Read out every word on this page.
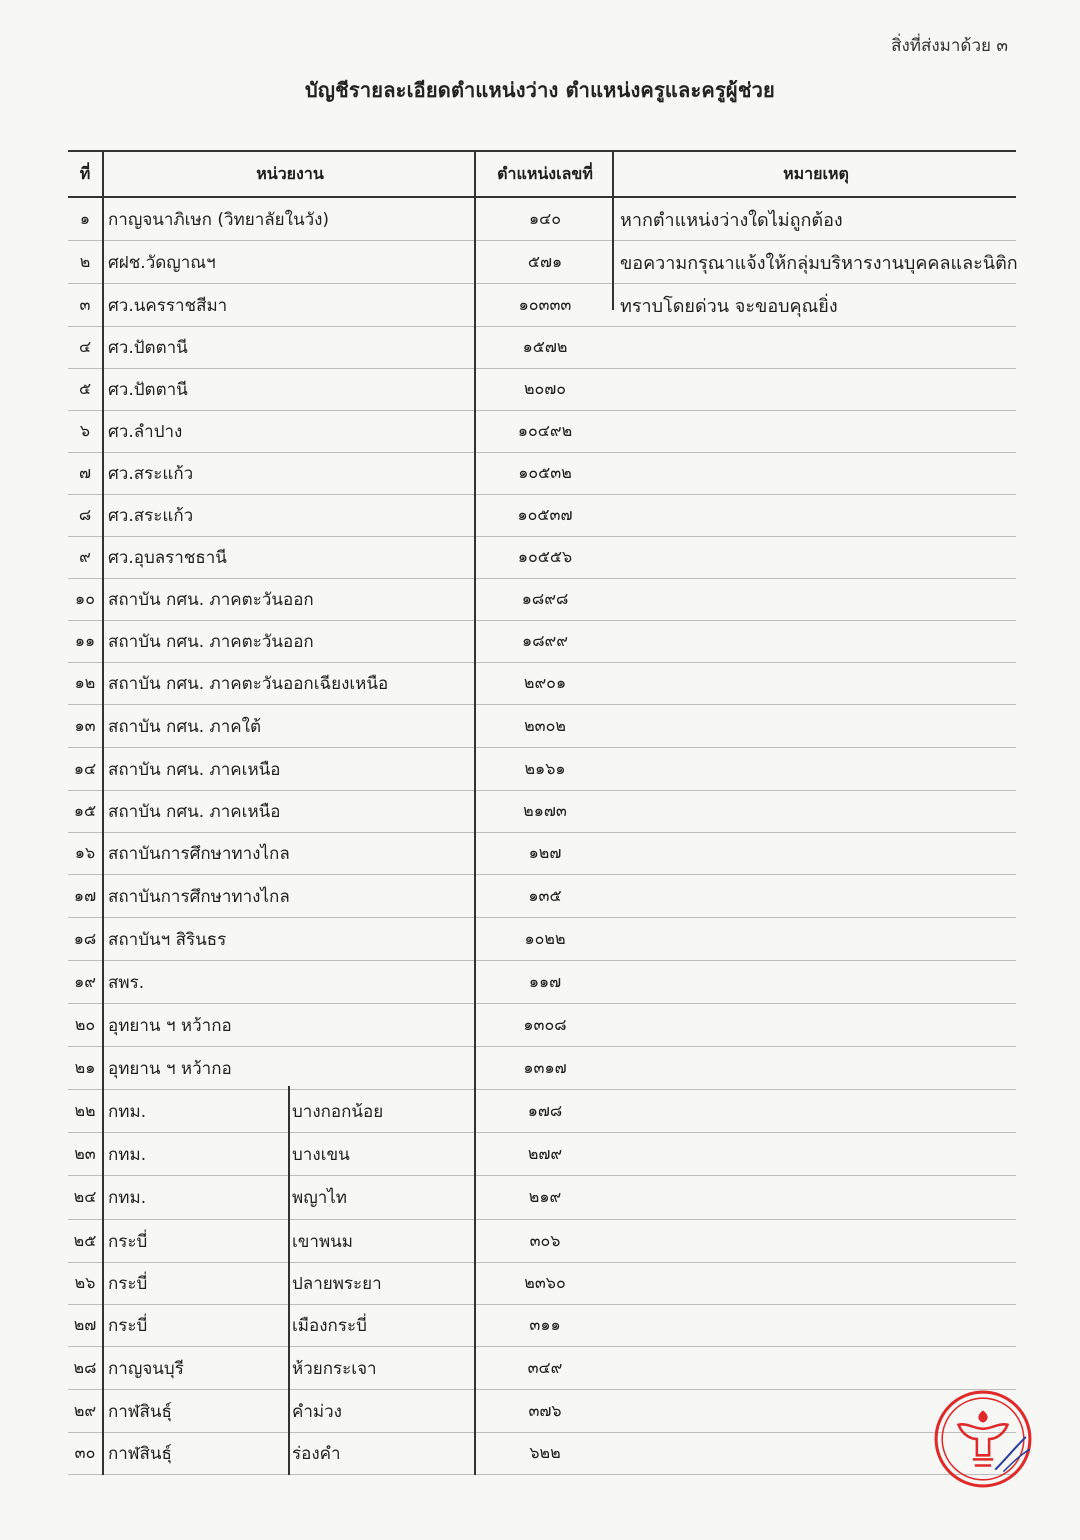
สิ่งที่ส่งมาด้วย ๓
บัญชีรายละเอียดตำแหน่งว่าง ตำแหน่งครูและครูผู้ช่วย
ที่	หน่วยงาน	ตำแหน่งเลขที่	หมายเหตุ
๑	กาญจนาภิเษก (วิทยาลัยในวัง)	๑๔๐	หากตำแหน่งว่างใดไม่ถูกต้อง
๒	ศฝช.วัดญาณฯ	๕๗๑	ขอความกรุณาแจ้งให้กลุ่มบริหารงานบุคคลและนิติก
๓	ศว.นครราชสีมา	๑๐๓๓๓	ทราบโดยด่วน จะขอบคุณยิ่ง
๔ ศว.ปัตตานี	๑๕๗๒
๕ ศว.ปัตตานี	๒๐๗๐
๖	ศว.ลำปาง	๑๐๔๙๒
๗ ศว.สระแก้ว	๑๐๕๓๒
๘ ศว.สระแก้ว	๑๐๕๓๗
๙	ศว.อุบลราชธานี	๑๐๕๕๖
๑๐ สถาบัน กศน. ภาคตะวันออก	๑๘๙๘
๑๑ สถาบัน กศน. ภาคตะวันออก	๑๘๙๙
๑๒ สถาบัน กศน. ภาคตะวันออกเฉียงเหนือ	๒๙๐๑
๑๓ สถาบัน กศน. ภาคใต้	๒๓๐๒
๑๔ สถาบัน กศน. ภาคเหนือ	๒๑๖๑
๑๕ สถาบัน กศน. ภาคเหนือ	๒๑๗๓
๑๖ สถาบันการศึกษาทางไกล	๑๒๗
๑๗ สถาบันการศึกษาทางไกล	๑๓๕
๑๘ สถาบันฯ สิรินธร	๑๐๒๒
๑๙ สพร.	๑๑๗
๒๐ อุทยาน ฯ หว้ากอ	๑๓๐๘
๒๑ อุทยาน ฯ หว้ากอ	๑๓๑๗
๒๒ กทม.	บางกอกน้อย	๑๗๘
๒๓ กทม.	บางเขน	๒๗๙
๒๔ กทม.	พญาไท	๒๑๙
๒๕ กระบี่	เขาพนม	๓๐๖
๒๖ กระบี่	ปลายพระยา	๒๓๖๐
๒๗ กระบี่	เมืองกระบี่	๓๑๑
๒๘ กาญจนบุรี	ห้วยกระเจา	๓๔๙
๒๙ กาฬสินธุ์	คำม่วง	๓๗๖
๓๐ กาฬสินธุ์	ร่องคำ	๖๒๒
